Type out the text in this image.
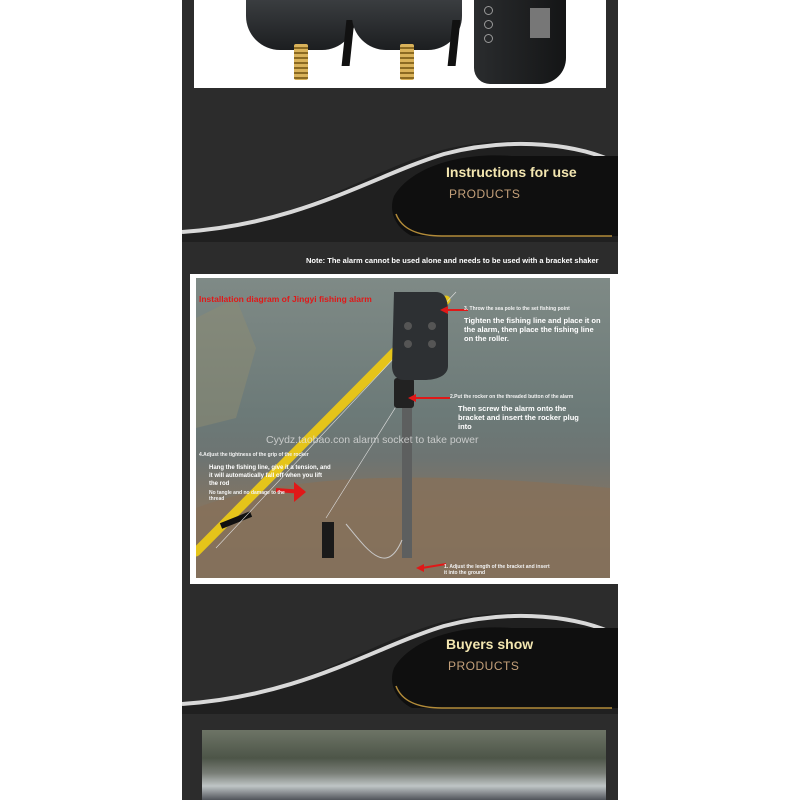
Instructions for use
PRODUCTS
Note: The alarm cannot be used alone and needs to be used with a bracket shaker
Installation diagram of Jingyi fishing alarm
3. Throw the sea pole to the set fishing point
Tighten the fishing line and place it on the alarm, then place the fishing line on the roller.
2.Put the rocker on the threaded button of the alarm
Then screw the alarm onto the bracket and insert the rocker plug into
Cyydz.taobao.con alarm socket to take power
4.Adjust the tightness of the grip of the rocker
Hang the fishing line, give it a tension, and it will automatically fall off when you lift the rod
No tangle and no damage to the thread
1. Adjust the length of the bracket and insert it into the ground
Buyers show
PRODUCTS
